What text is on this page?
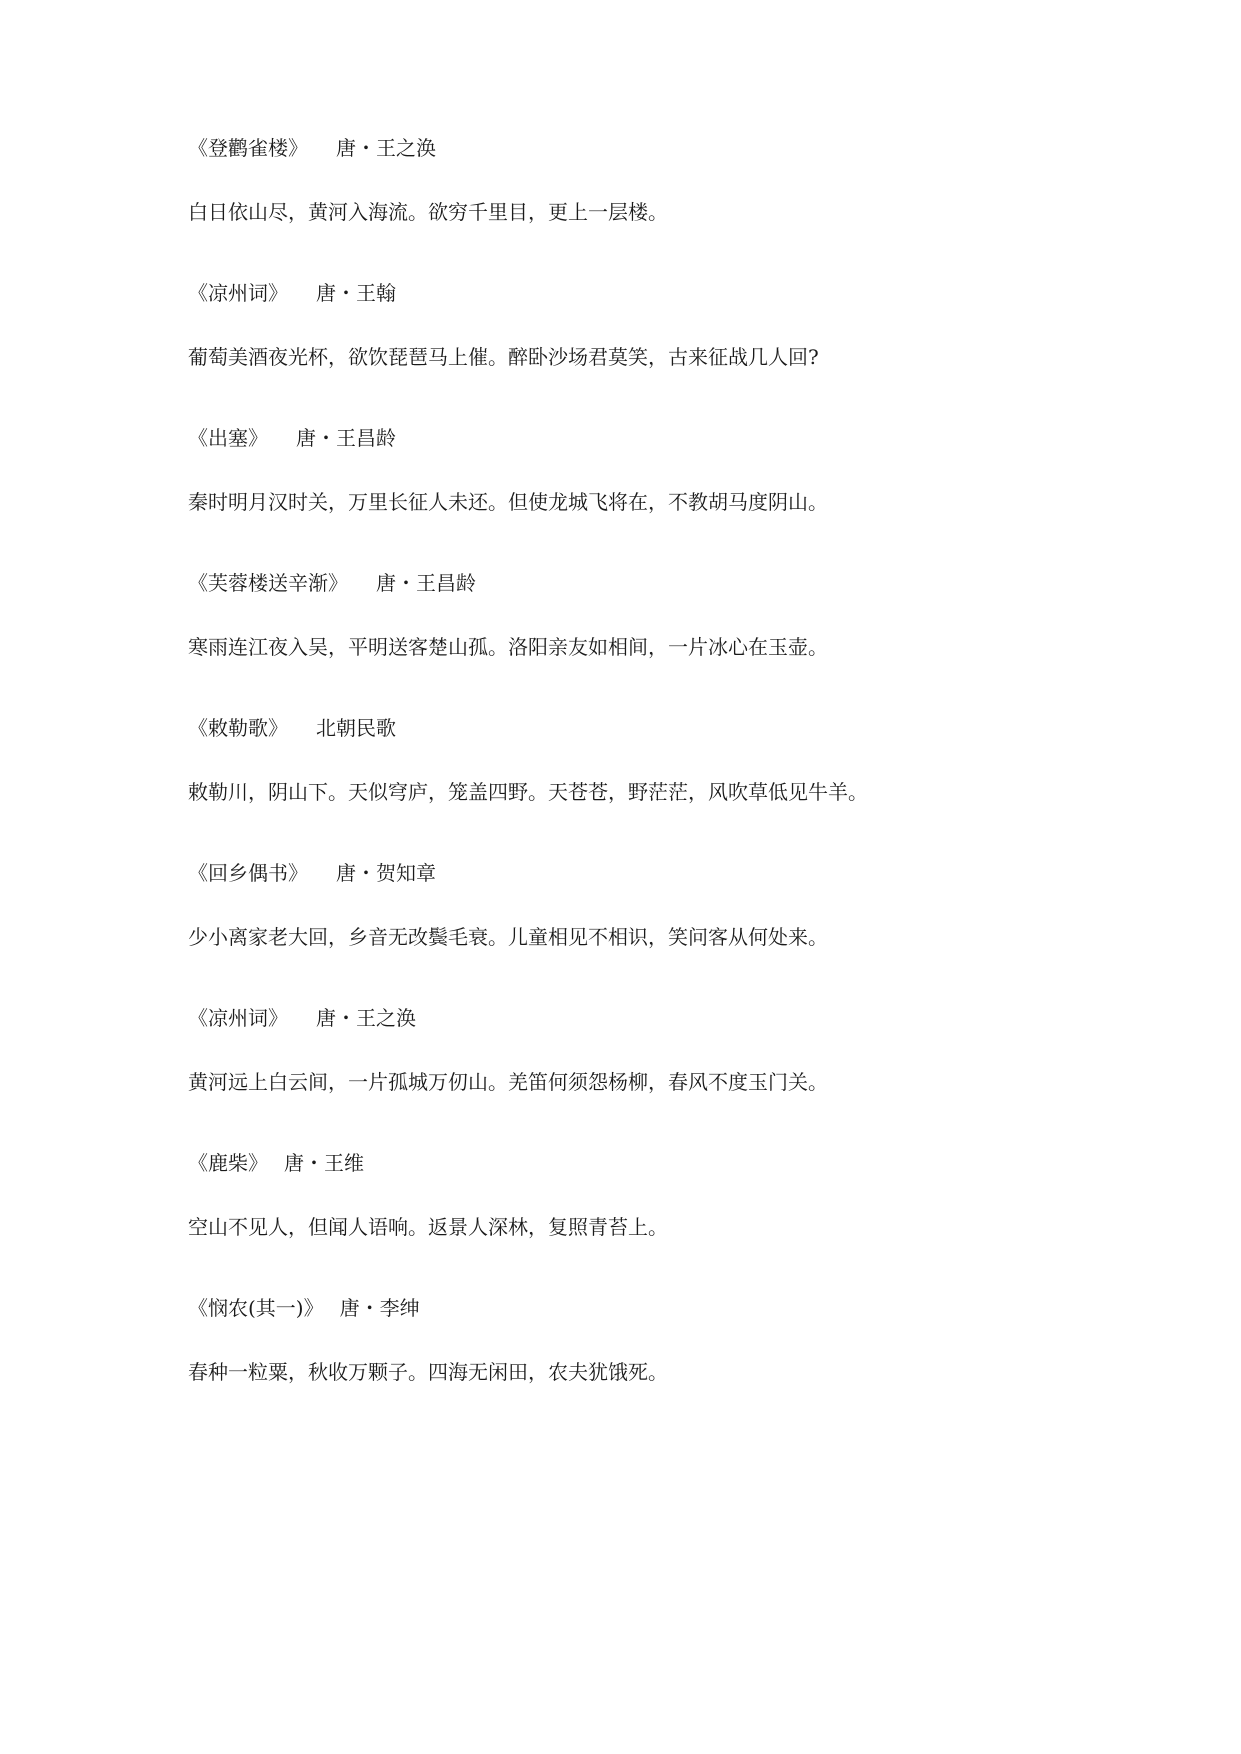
《登鹳雀楼》 唐・王之涣
白日依山尽，黄河入海流。欲穷千里目，更上一层楼。
《凉州词》 唐・王翰
葡萄美酒夜光杯，欲饮琵琶马上催。醉卧沙场君莫笑，古来征战几人回?
《出塞》 唐・王昌龄
秦时明月汉时关，万里长征人未还。但使龙城飞将在，不教胡马度阴山。
《芙蓉楼送辛渐》 唐・王昌龄
寒雨连江夜入吴，平明送客楚山孤。洛阳亲友如相间，一片冰心在玉壶。
《敕勒歌》 北朝民歌
敕勒川，阴山下。天似穹庐，笼盖四野。天苍苍，野茫茫，风吹草低见牛羊。
《回乡偶书》 唐・贺知章
少小离家老大回，乡音无改鬓毛衰。儿童相见不相识，笑问客从何处来。
《凉州词》 唐・王之涣
黄河远上白云间，一片孤城万仞山。羌笛何须怨杨柳，春风不度玉门关。
《鹿柴》 唐・王维
空山不见人，但闻人语响。返景人深林，复照青苔上。
《悯农(其一)》 唐・李绅
春种一粒粟，秋收万颗子。四海无闲田，农夫犹饿死。
